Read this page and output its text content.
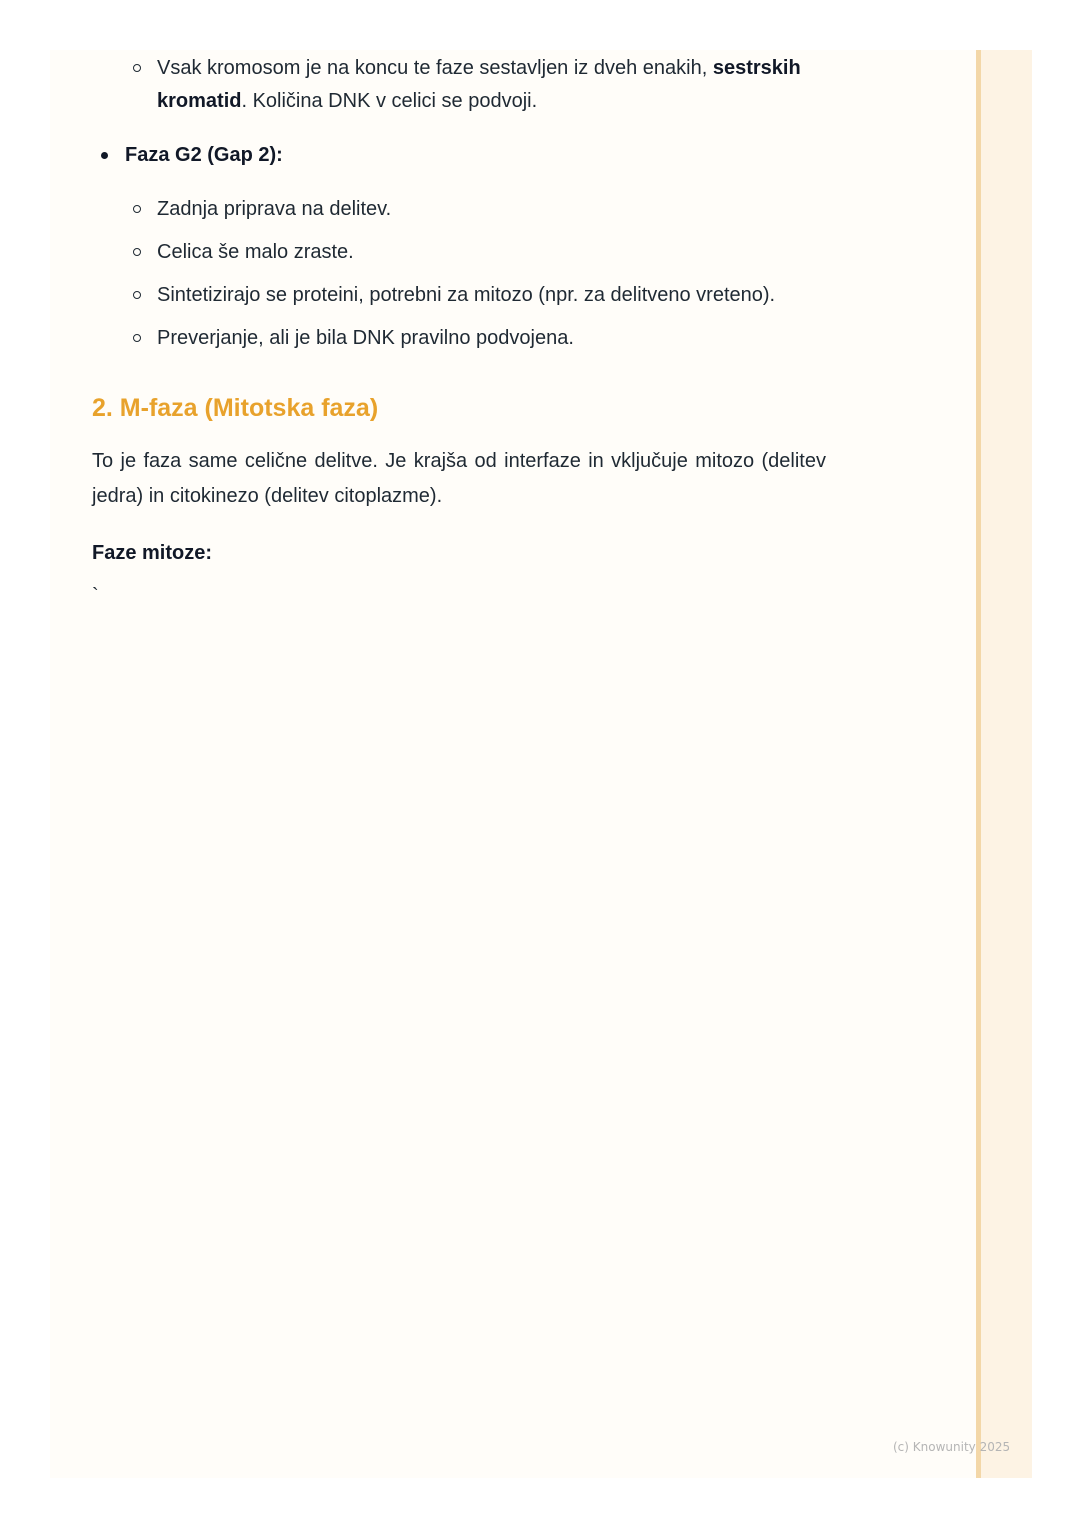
Vsak kromosom je na koncu te faze sestavljen iz dveh enakih, sestrskih kromatid. Količina DNK v celici se podvoji.
Faza G2 (Gap 2):
Zadnja priprava na delitev.
Celica še malo zraste.
Sintetizirajo se proteini, potrebni za mitozo (npr. za delitveno vreteno).
Preverjanje, ali je bila DNK pravilno podvojena.
2. M-faza (Mitotska faza)

To je faza same celične delitve. Je krajša od interfaze in vključuje mitozo (delitev jedra) in citokinezo (delitev citoplazme).

Faze mitoze:

`
(c) Knowunity 2025
